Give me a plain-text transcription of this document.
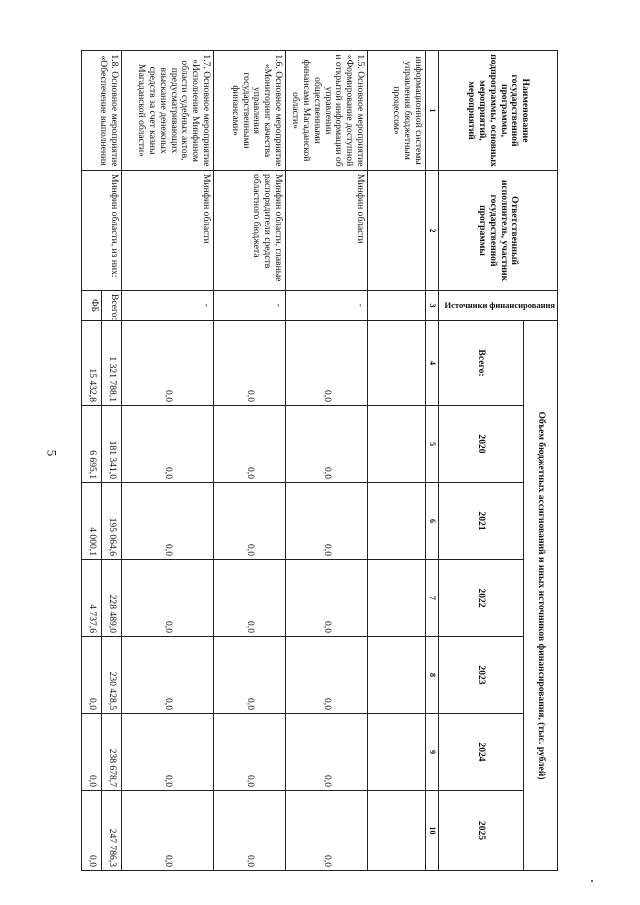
5
Наименование государственной программы, подпрограммы, основных мероприятий, мероприятий	Ответственный исполнитель, участник государственной программы	Источники финансирования	Объем бюджетных ассигнований и иных источников финансирования, (тыс. рублей)						
			Всего:	2020	2021	2022	2023	2024	2025
1	2	3	4	5	6	7	8	9	10
информационной системы управления бюджетным процессом»									
1.5. Основное мероприятие «Формирование доступной и открытой информации об управлении общественными финансами Магаданской области»	Минфин области	-	0,0	0,0	0,0	0,0	0,0	0,0	0,0
1.6. Основное мероприятие «Мониторинг качества управления государственными финансами»	Минфин области, главные распорядители средств областного бюджета	-	0,0	0,0	0,0	0,0	0,0	0,0	0,0
1.7. Основное мероприятие «Исполнение Минфином области судебных актов, предусматривающих взыскание денежных средств за счет казны Магаданской области»	Минфин области	-	0,0	0,0	0,0	0,0	0,0	0,0	0,0
1.8. Основное мероприятие «Обеспечение выполнения	Минфин области, из них:	Всего:	1 321 788,1	181 341,0	195 064,6	228 489,0	230 428,5	238 678,7	247 786,3
		ФБ	15 432,8	6 695,1	4 000,1	4 737,6	0,0	0,0	0,0
